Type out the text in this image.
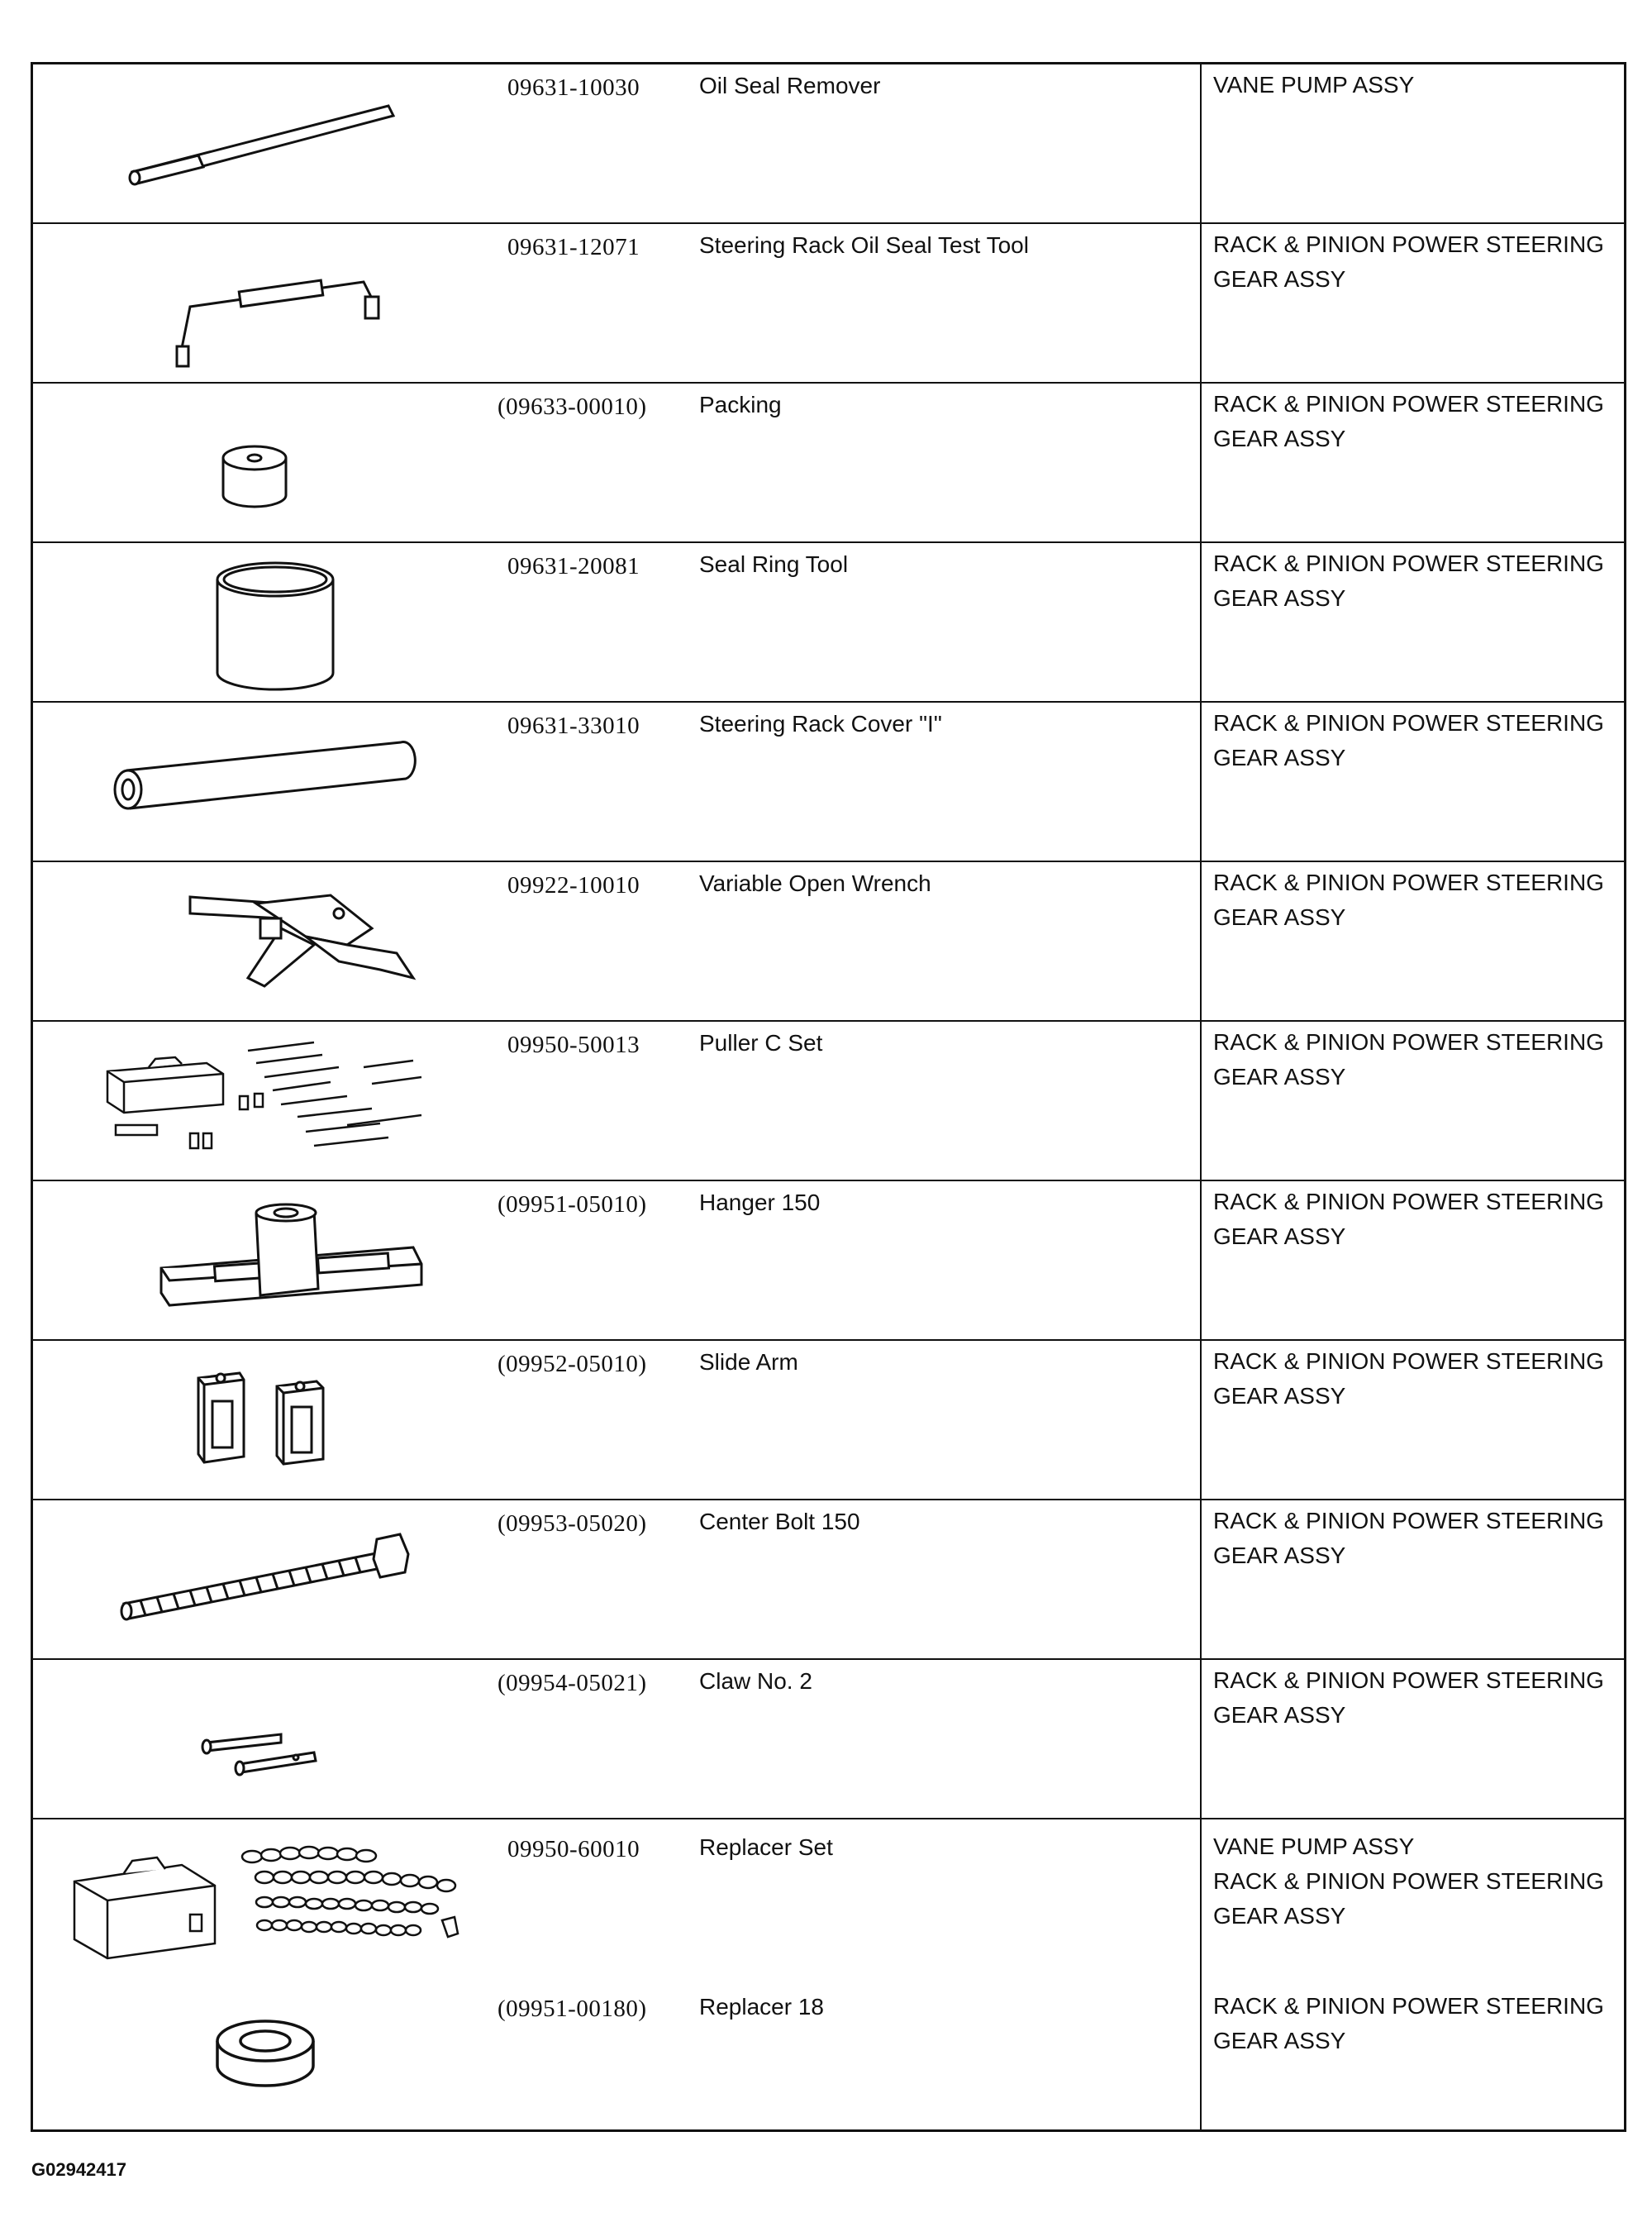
09631-10030	Oil Seal Remover	VANE PUMP ASSY
09631-12071	Steering Rack Oil Seal Test Tool	RACK & PINION POWER STEERING
GEAR ASSY
(09633-00010) Packing	RACK & PINION POWER STEERING
GEAR ASSY
09631-20081	Seal Ring Tool	RACK & PINION POWER STEERING
GEAR ASSY
09631-33010	Steering Rack Cover "I"	RACK & PINION POWER STEERING
GEAR ASSY
09922-10010	Variable Open Wrench	RACK & PINION POWER STEERING
GEAR ASSY
09950-50013	Puller C Set	RACK & PINION POWER STEERING
GEAR ASSY
(09951-05010) Hanger 150	RACK & PINION POWER STEERING
GEAR ASSY
(09952-05010) Slide Arm	RACK & PINION POWER STEERING
GEAR ASSY
(09953-05020) Center Bolt 150	RACK & PINION POWER STEERING
GEAR ASSY
(09954-05021) Claw No. 2	RACK & PINION POWER STEERING
GEAR ASSY
09950-60010	Replacer Set	VANE PUMP ASSY
RACK & PINION POWER STEERING
GEAR ASSY
(09951-00180) Replacer 18	RACK & PINION POWER STEERING
GEAR ASSY
G02942417
